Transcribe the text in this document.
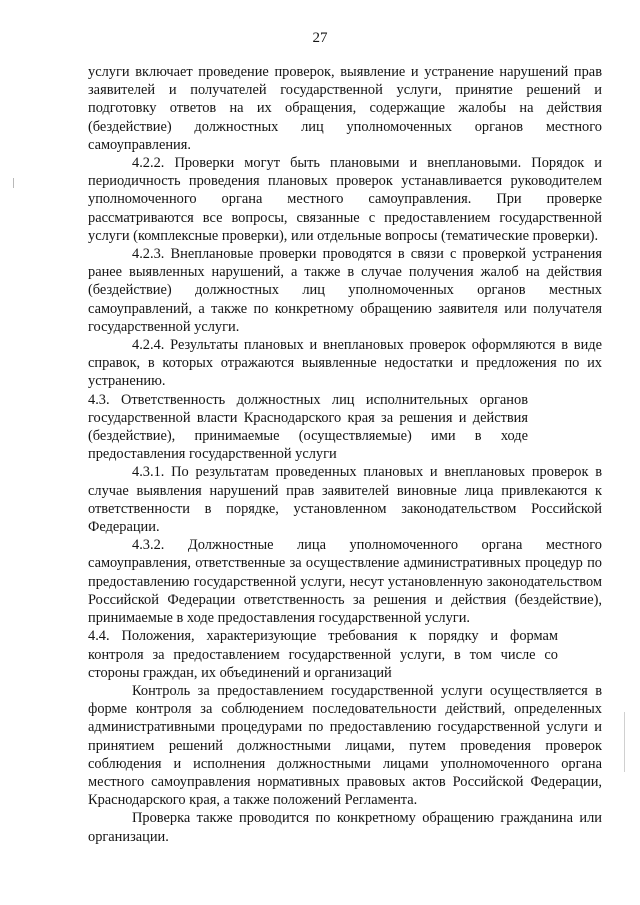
27

услуги включает проведение проверок, выявление и устранение нарушений прав заявителей и получателей государственной услуги, принятие решений и подготовку ответов на их обращения, содержащие жалобы на действия (бездействие) должностных лиц уполномоченных органов местного самоуправления.

4.2.2. Проверки могут быть плановыми и внеплановыми. Порядок и периодичность проведения плановых проверок устанавливается руководителем уполномоченного органа местного самоуправления. При проверке рассматриваются все вопросы, связанные с предоставлением государственной услуги (комплексные проверки), или отдельные вопросы (тематические проверки).

4.2.3. Внеплановые проверки проводятся в связи с проверкой устранения ранее выявленных нарушений, а также в случае получения жалоб на действия (бездействие) должностных лиц уполномоченных органов местных самоуправлений, а также по конкретному обращению заявителя или получателя государственной услуги.

4.2.4. Результаты плановых и внеплановых проверок оформляются в виде справок, в которых отражаются выявленные недостатки и предложения по их устранению.

4.3. Ответственность должностных лиц исполнительных органов государственной власти Краснодарского края за решения и действия (бездействие), принимаемые (осуществляемые) ими в ходе предоставления государственной услуги

4.3.1. По результатам проведенных плановых и внеплановых проверок в случае выявления нарушений прав заявителей виновные лица привлекаются к ответственности в порядке, установленном законодательством Российской Федерации.

4.3.2. Должностные лица уполномоченного органа местного самоуправления, ответственные за осуществление административных процедур по предоставлению государственной услуги, несут установленную законодательством Российской Федерации ответственность за решения и действия (бездействие), принимаемые в ходе предоставления государственной услуги.

4.4. Положения, характеризующие требования к порядку и формам контроля за предоставлением государственной услуги, в том числе со стороны граждан, их объединений и организаций

Контроль за предоставлением государственной услуги осуществляется в форме контроля за соблюдением последовательности действий, определенных административными процедурами по предоставлению государственной услуги и принятием решений должностными лицами, путем проведения проверок соблюдения и исполнения должностными лицами уполномоченного органа местного самоуправления нормативных правовых актов Российской Федерации, Краснодарского края, а также положений Регламента.

Проверка также проводится по конкретному обращению гражданина или организации.
